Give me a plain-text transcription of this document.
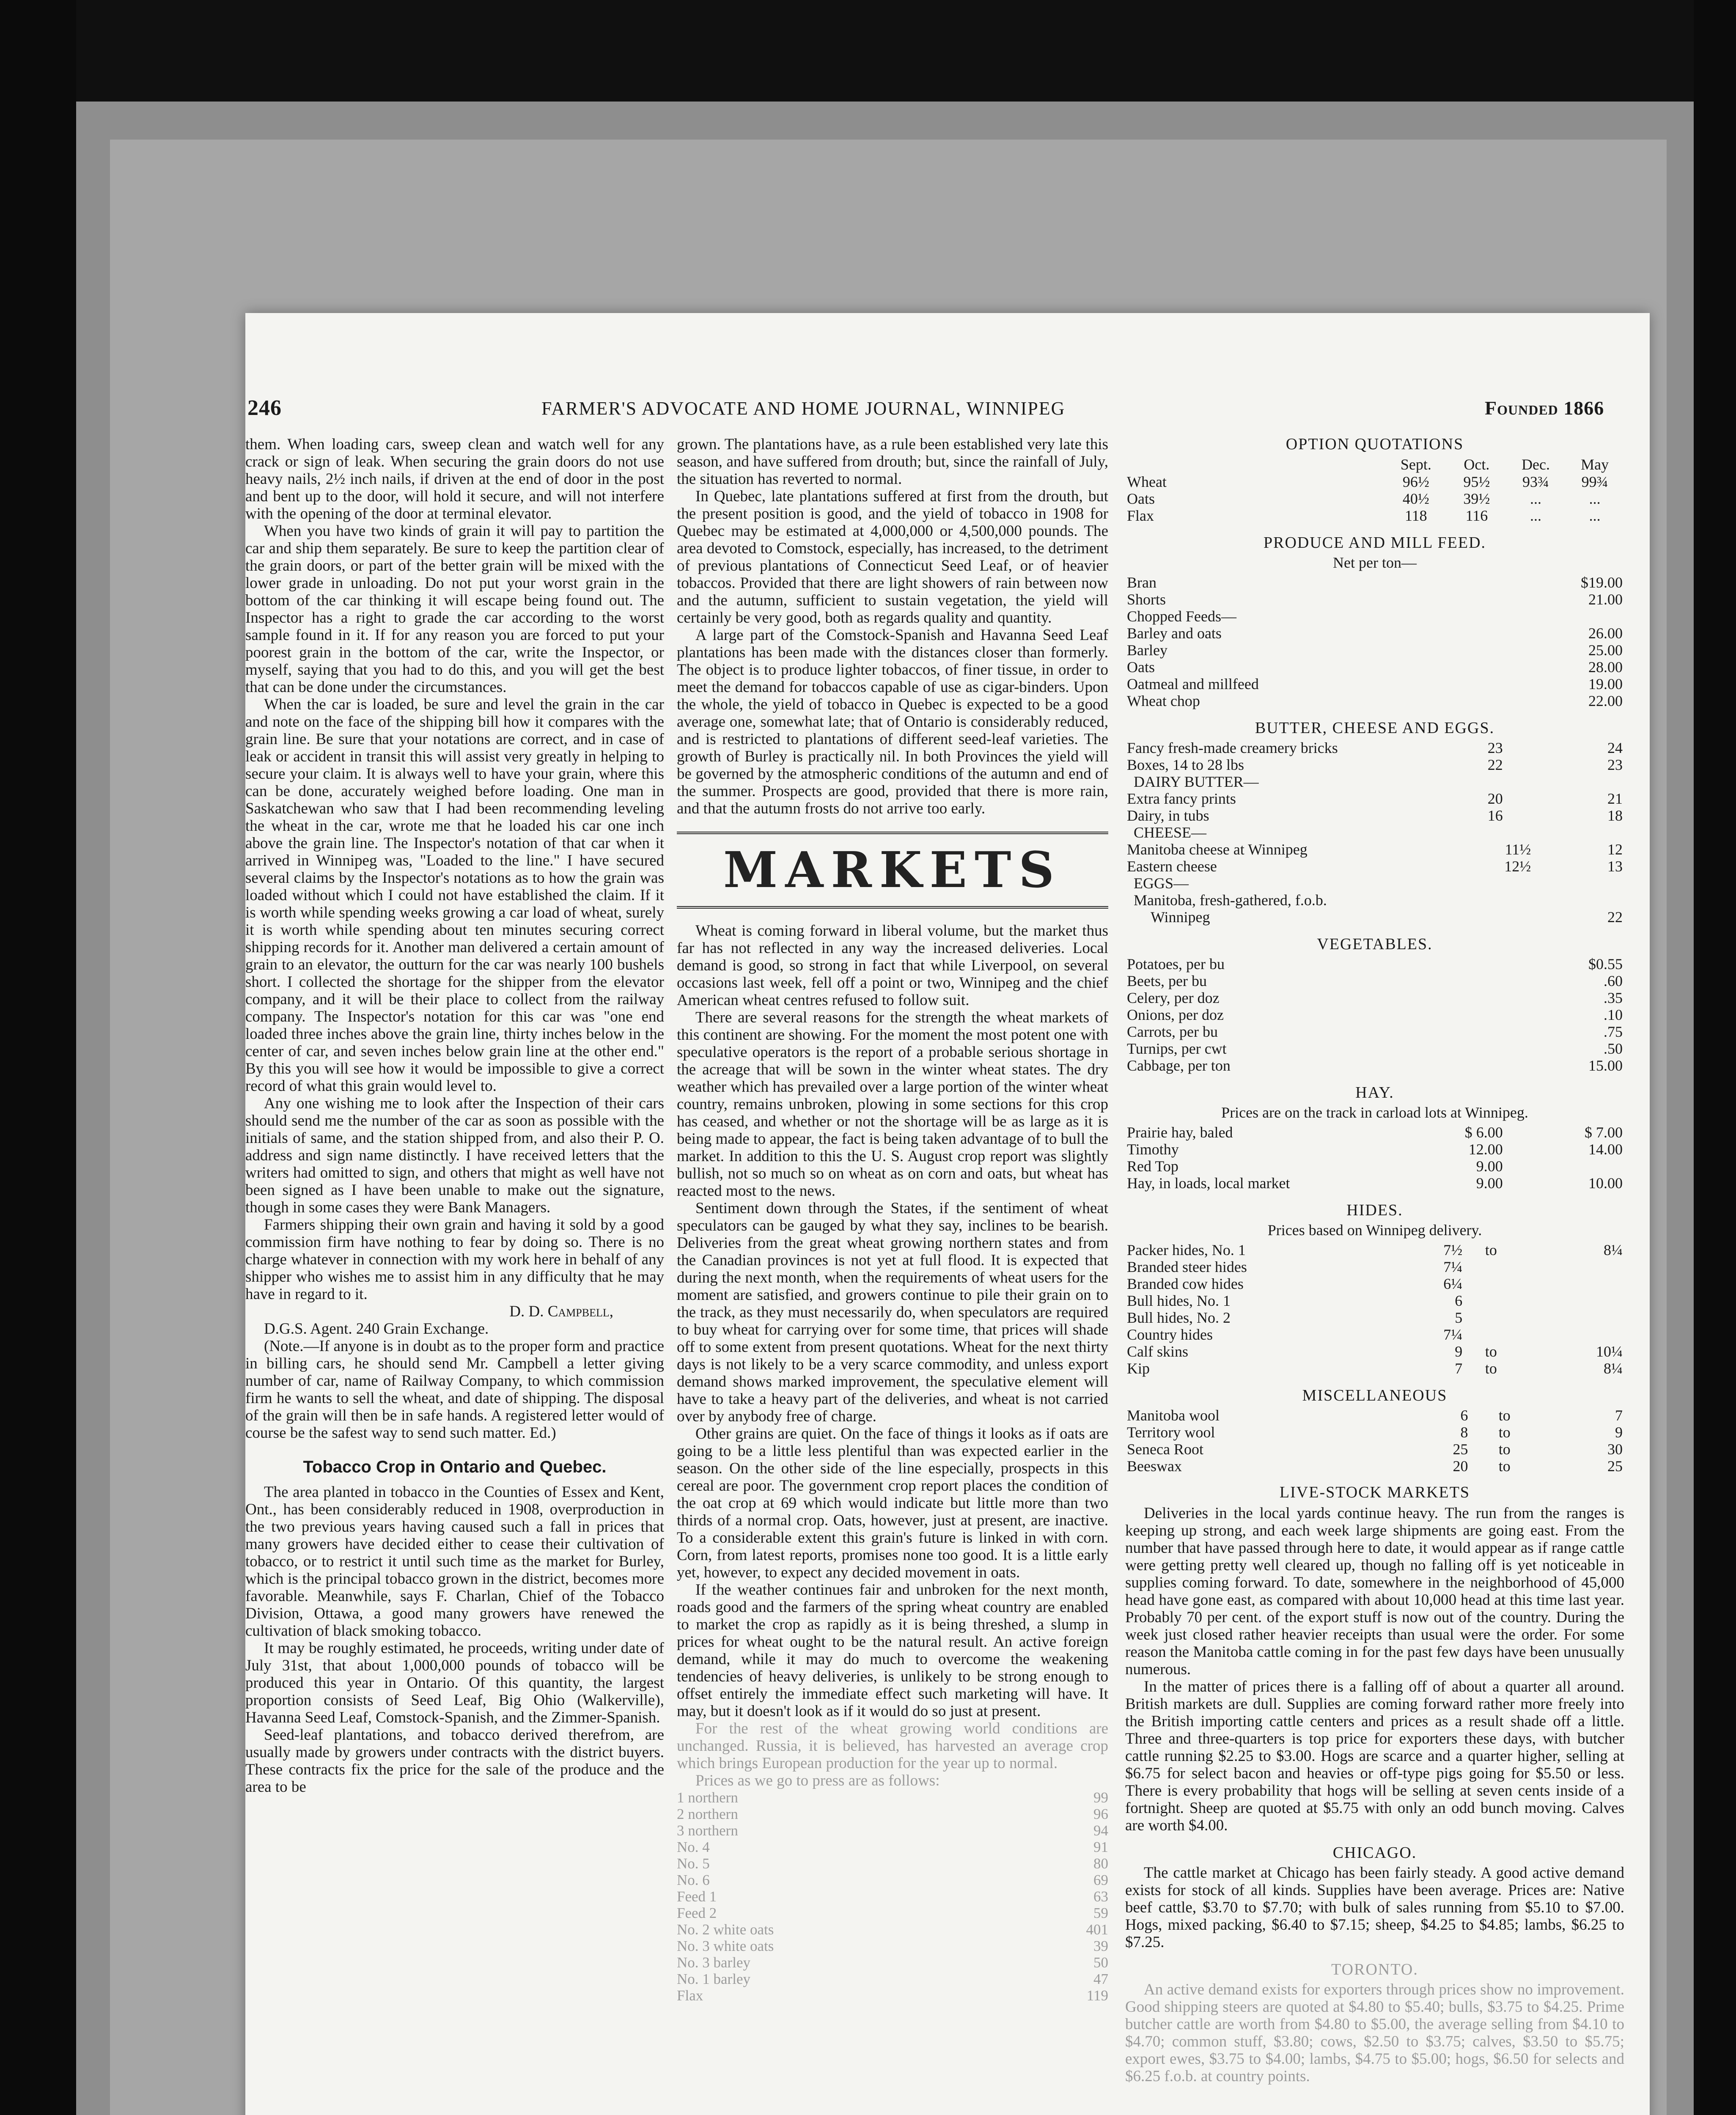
246	FARMER'S ADVOCATE AND HOME JOURNAL, WINNIPEG	Founded 1866

them. When loading cars, sweep clean and watch well for any crack or sign of leak. When securing the grain doors do not use heavy nails, 2½ inch nails, if driven at the end of door in the post and bent up to the door, will hold it secure, and will not interfere with the opening of the door at terminal elevator.

When you have two kinds of grain it will pay to partition the car and ship them separately. Be sure to keep the partition clear of the grain doors, or part of the better grain will be mixed with the lower grade in unloading. Do not put your worst grain in the bottom of the car thinking it will escape being found out. The Inspector has a right to grade the car according to the worst sample found in it. If for any reason you are forced to put your poorest grain in the bottom of the car, write the Inspector, or myself, saying that you had to do this, and you will get the best that can be done under the circumstances.

When the car is loaded, be sure and level the grain in the car and note on the face of the shipping bill how it compares with the grain line. Be sure that your notations are correct, and in case of leak or accident in transit this will assist very greatly in helping to secure your claim. It is always well to have your grain, where this can be done, accurately weighed before loading. One man in Saskatchewan who saw that I had been recommending leveling the wheat in the car, wrote me that he loaded his car one inch above the grain line. The Inspector's notation of that car when it arrived in Winnipeg was, "Loaded to the line." I have secured several claims by the Inspector's notations as to how the grain was loaded without which I could not have established the claim. If it is worth while spending weeks growing a car load of wheat, surely it is worth while spending about ten minutes securing correct shipping records for it. Another man delivered a certain amount of grain to an elevator, the outturn for the car was nearly 100 bushels short. I collected the shortage for the shipper from the elevator company, and it will be their place to collect from the railway company. The Inspector's notation for this car was "one end loaded three inches above the grain line, thirty inches below in the center of car, and seven inches below grain line at the other end." By this you will see how it would be impossible to give a correct record of what this grain would level to.

Any one wishing me to look after the Inspection of their cars should send me the number of the car as soon as possible with the initials of same, and the station shipped from, and also their P. O. address and sign name distinctly. I have received letters that the writers had omitted to sign, and others that might as well have not been signed as I have been unable to make out the signature, though in some cases they were Bank Managers.

Farmers shipping their own grain and having it sold by a good commission firm have nothing to fear by doing so. There is no charge whatever in connection with my work here in behalf of any shipper who wishes me to assist him in any difficulty that he may have in regard to it.

D. D. Campbell,

D.G.S. Agent. 240 Grain Exchange.

(Note.—If anyone is in doubt as to the proper form and practice in billing cars, he should send Mr. Campbell a letter giving number of car, name of Railway Company, to which commission firm he wants to sell the wheat, and date of shipping. The disposal of the grain will then be in safe hands. A registered letter would of course be the safest way to send such matter. Ed.)

Tobacco Crop in Ontario and Quebec.

The area planted in tobacco in the Counties of Essex and Kent, Ont., has been considerably reduced in 1908, overproduction in the two previous years having caused such a fall in prices that many growers have decided either to cease their cultivation of tobacco, or to restrict it until such time as the market for Burley, which is the principal tobacco grown in the district, becomes more favorable. Meanwhile, says F. Charlan, Chief of the Tobacco Division, Ottawa, a good many growers have renewed the cultivation of black smoking tobacco.

It may be roughly estimated, he proceeds, writing under date of July 31st, that about 1,000,000 pounds of tobacco will be produced this year in Ontario. Of this quantity, the largest proportion consists of Seed Leaf, Big Ohio (Walkerville), Havanna Seed Leaf, Comstock-Spanish, and the Zimmer-Spanish.

Seed-leaf plantations, and tobacco derived therefrom, are usually made by growers under contracts with the district buyers. These contracts fix the price for the sale of the produce and the area to be

grown. The plantations have, as a rule been established very late this season, and have suffered from drouth; but, since the rainfall of July, the situation has reverted to normal.

In Quebec, late plantations suffered at first from the drouth, but the present position is good, and the yield of tobacco in 1908 for Quebec may be estimated at 4,000,000 or 4,500,000 pounds. The area devoted to Comstock, especially, has increased, to the detriment of previous plantations of Connecticut Seed Leaf, or of heavier tobaccos. Provided that there are light showers of rain between now and the autumn, sufficient to sustain vegetation, the yield will certainly be very good, both as regards quality and quantity.

A large part of the Comstock-Spanish and Havanna Seed Leaf plantations has been made with the distances closer than formerly. The object is to produce lighter tobaccos, of finer tissue, in order to meet the demand for tobaccos capable of use as cigar-binders. Upon the whole, the yield of tobacco in Quebec is expected to be a good average one, somewhat late; that of Ontario is considerably reduced, and is restricted to plantations of different seed-leaf varieties. The growth of Burley is practically nil. In both Provinces the yield will be governed by the atmospheric conditions of the autumn and end of the summer. Prospects are good, provided that there is more rain, and that the autumn frosts do not arrive too early.

MARKETS

Wheat is coming forward in liberal volume, but the market thus far has not reflected in any way the increased deliveries. Local demand is good, so strong in fact that while Liverpool, on several occasions last week, fell off a point or two, Winnipeg and the chief American wheat centres refused to follow suit.

There are several reasons for the strength the wheat markets of this continent are showing. For the moment the most potent one with speculative operators is the report of a probable serious shortage in the acreage that will be sown in the winter wheat states. The dry weather which has prevailed over a large portion of the winter wheat country, remains unbroken, plowing in some sections for this crop has ceased, and whether or not the shortage will be as large as it is being made to appear, the fact is being taken advantage of to bull the market. In addition to this the U. S. August crop report was slightly bullish, not so much so on wheat as on corn and oats, but wheat has reacted most to the news.

Sentiment down through the States, if the sentiment of wheat speculators can be gauged by what they say, inclines to be bearish. Deliveries from the great wheat growing northern states and from the Canadian provinces is not yet at full flood. It is expected that during the next month, when the requirements of wheat users for the moment are satisfied, and growers continue to pile their grain on to the track, as they must necessarily do, when speculators are required to buy wheat for carrying over for some time, that prices will shade off to some extent from present quotations. Wheat for the next thirty days is not likely to be a very scarce commodity, and unless export demand shows marked improvement, the speculative element will have to take a heavy part of the deliveries, and wheat is not carried over by anybody free of charge.

Other grains are quiet. On the face of things it looks as if oats are going to be a little less plentiful than was expected earlier in the season. On the other side of the line especially, prospects in this cereal are poor. The government crop report places the condition of the oat crop at 69 which would indicate but little more than two thirds of a normal crop. Oats, however, just at present, are inactive. To a considerable extent this grain's future is linked in with corn. Corn, from latest reports, promises none too good. It is a little early yet, however, to expect any decided movement in oats.

If the weather continues fair and unbroken for the next month, roads good and the farmers of the spring wheat country are enabled to market the crop as rapidly as it is being threshed, a slump in prices for wheat ought to be the natural result. An active foreign demand, while it may do much to overcome the weakening tendencies of heavy deliveries, is unlikely to be strong enough to offset entirely the immediate effect such marketing will have. It may, but it doesn't look as if it would do so just at present.

For the rest of the wheat growing world conditions are unchanged. Russia, it is believed, has harvested an average crop which brings European production for the year up to normal.

Prices as we go to press are as follows:

1 northern	99
2 northern	96
3 northern	94
No. 4	91
No. 5	80
No. 6	69
Feed 1	63
Feed 2	59
No. 2 white oats	401
No. 3 white oats	39
No. 3 barley	50
No. 1 barley	47
Flax	119
OPTION QUOTATIONS
	Sept.	Oct.	Dec.	May
Wheat	96½	95½	93¾	99¾
Oats	40½	39½	...	...
Flax	118	116	...	...
PRODUCE AND MILL FEED.
Net per ton—
Bran	$19.00
Shorts	21.00
Chopped Feeds—	
Barley and oats	26.00
Barley	25.00
Oats	28.00
Oatmeal and millfeed	19.00
Wheat chop	22.00
BUTTER, CHEESE AND EGGS.
Fancy fresh-made creamery bricks	23	24
Boxes, 14 to 28 lbs	22	23
DAIRY BUTTER—
Extra fancy prints	20	21
Dairy, in tubs	16	18
CHEESE—
Manitoba cheese at Winnipeg	11½	12
Eastern cheese	12½	13
EGGS—
Manitoba, fresh-gathered, f.o.b.
Winnipeg	22
VEGETABLES.
Potatoes, per bu	$0.55
Beets, per bu	.60
Celery, per doz	.35
Onions, per doz	.10
Carrots, per bu	.75
Turnips, per cwt	.50
Cabbage, per ton	15.00
HAY.
Prices are on the track in carload lots at Winnipeg.
Prairie hay, baled	$ 6.00	$ 7.00
Timothy	12.00	14.00
Red Top	9.00	
Hay, in loads, local market	9.00	10.00
HIDES.
Prices based on Winnipeg delivery.
Packer hides, No. 1	7½	to	8¼
Branded steer hides	7¼		
Branded cow hides	6¼		
Bull hides, No. 1	6		
Bull hides, No. 2	5		
Country hides	7¼		
Calf skins	9	to	10¼
Kip	7	to	8¼
MISCELLANEOUS
Manitoba wool	6	to	7
Territory wool	8	to	9
Seneca Root	25	to	30
Beeswax	20	to	25
LIVE-STOCK MARKETS

Deliveries in the local yards continue heavy. The run from the ranges is keeping up strong, and each week large shipments are going east. From the number that have passed through here to date, it would appear as if range cattle were getting pretty well cleared up, though no falling off is yet noticeable in supplies coming forward. To date, somewhere in the neighborhood of 45,000 head have gone east, as compared with about 10,000 head at this time last year. Probably 70 per cent. of the export stuff is now out of the country. During the week just closed rather heavier receipts than usual were the order. For some reason the Manitoba cattle coming in for the past few days have been unusually numerous.

In the matter of prices there is a falling off of about a quarter all around. British markets are dull. Supplies are coming forward rather more freely into the British importing cattle centers and prices as a result shade off a little. Three and three-quarters is top price for exporters these days, with butcher cattle running $2.25 to $3.00. Hogs are scarce and a quarter higher, selling at $6.75 for select bacon and heavies or off-type pigs going for $5.50 or less. There is every probability that hogs will be selling at seven cents inside of a fortnight. Sheep are quoted at $5.75 with only an odd bunch moving. Calves are worth $4.00.

CHICAGO.

The cattle market at Chicago has been fairly steady. A good active demand exists for stock of all kinds. Supplies have been average. Prices are: Native beef cattle, $3.70 to $7.70; with bulk of sales running from $5.10 to $7.00. Hogs, mixed packing, $6.40 to $7.15; sheep, $4.25 to $4.85; lambs, $6.25 to $7.25.

TORONTO.

An active demand exists for exporters through prices show no improvement. Good shipping steers are quoted at $4.80 to $5.40; bulls, $3.75 to $4.25. Prime butcher cattle are worth from $4.80 to $5.00, the average selling from $4.10 to $4.70; common stuff, $3.80; cows, $2.50 to $3.75; calves, $3.50 to $5.75; export ewes, $3.75 to $4.00; lambs, $4.75 to $5.00; hogs, $6.50 for selects and $6.25 f.o.b. at country points.
